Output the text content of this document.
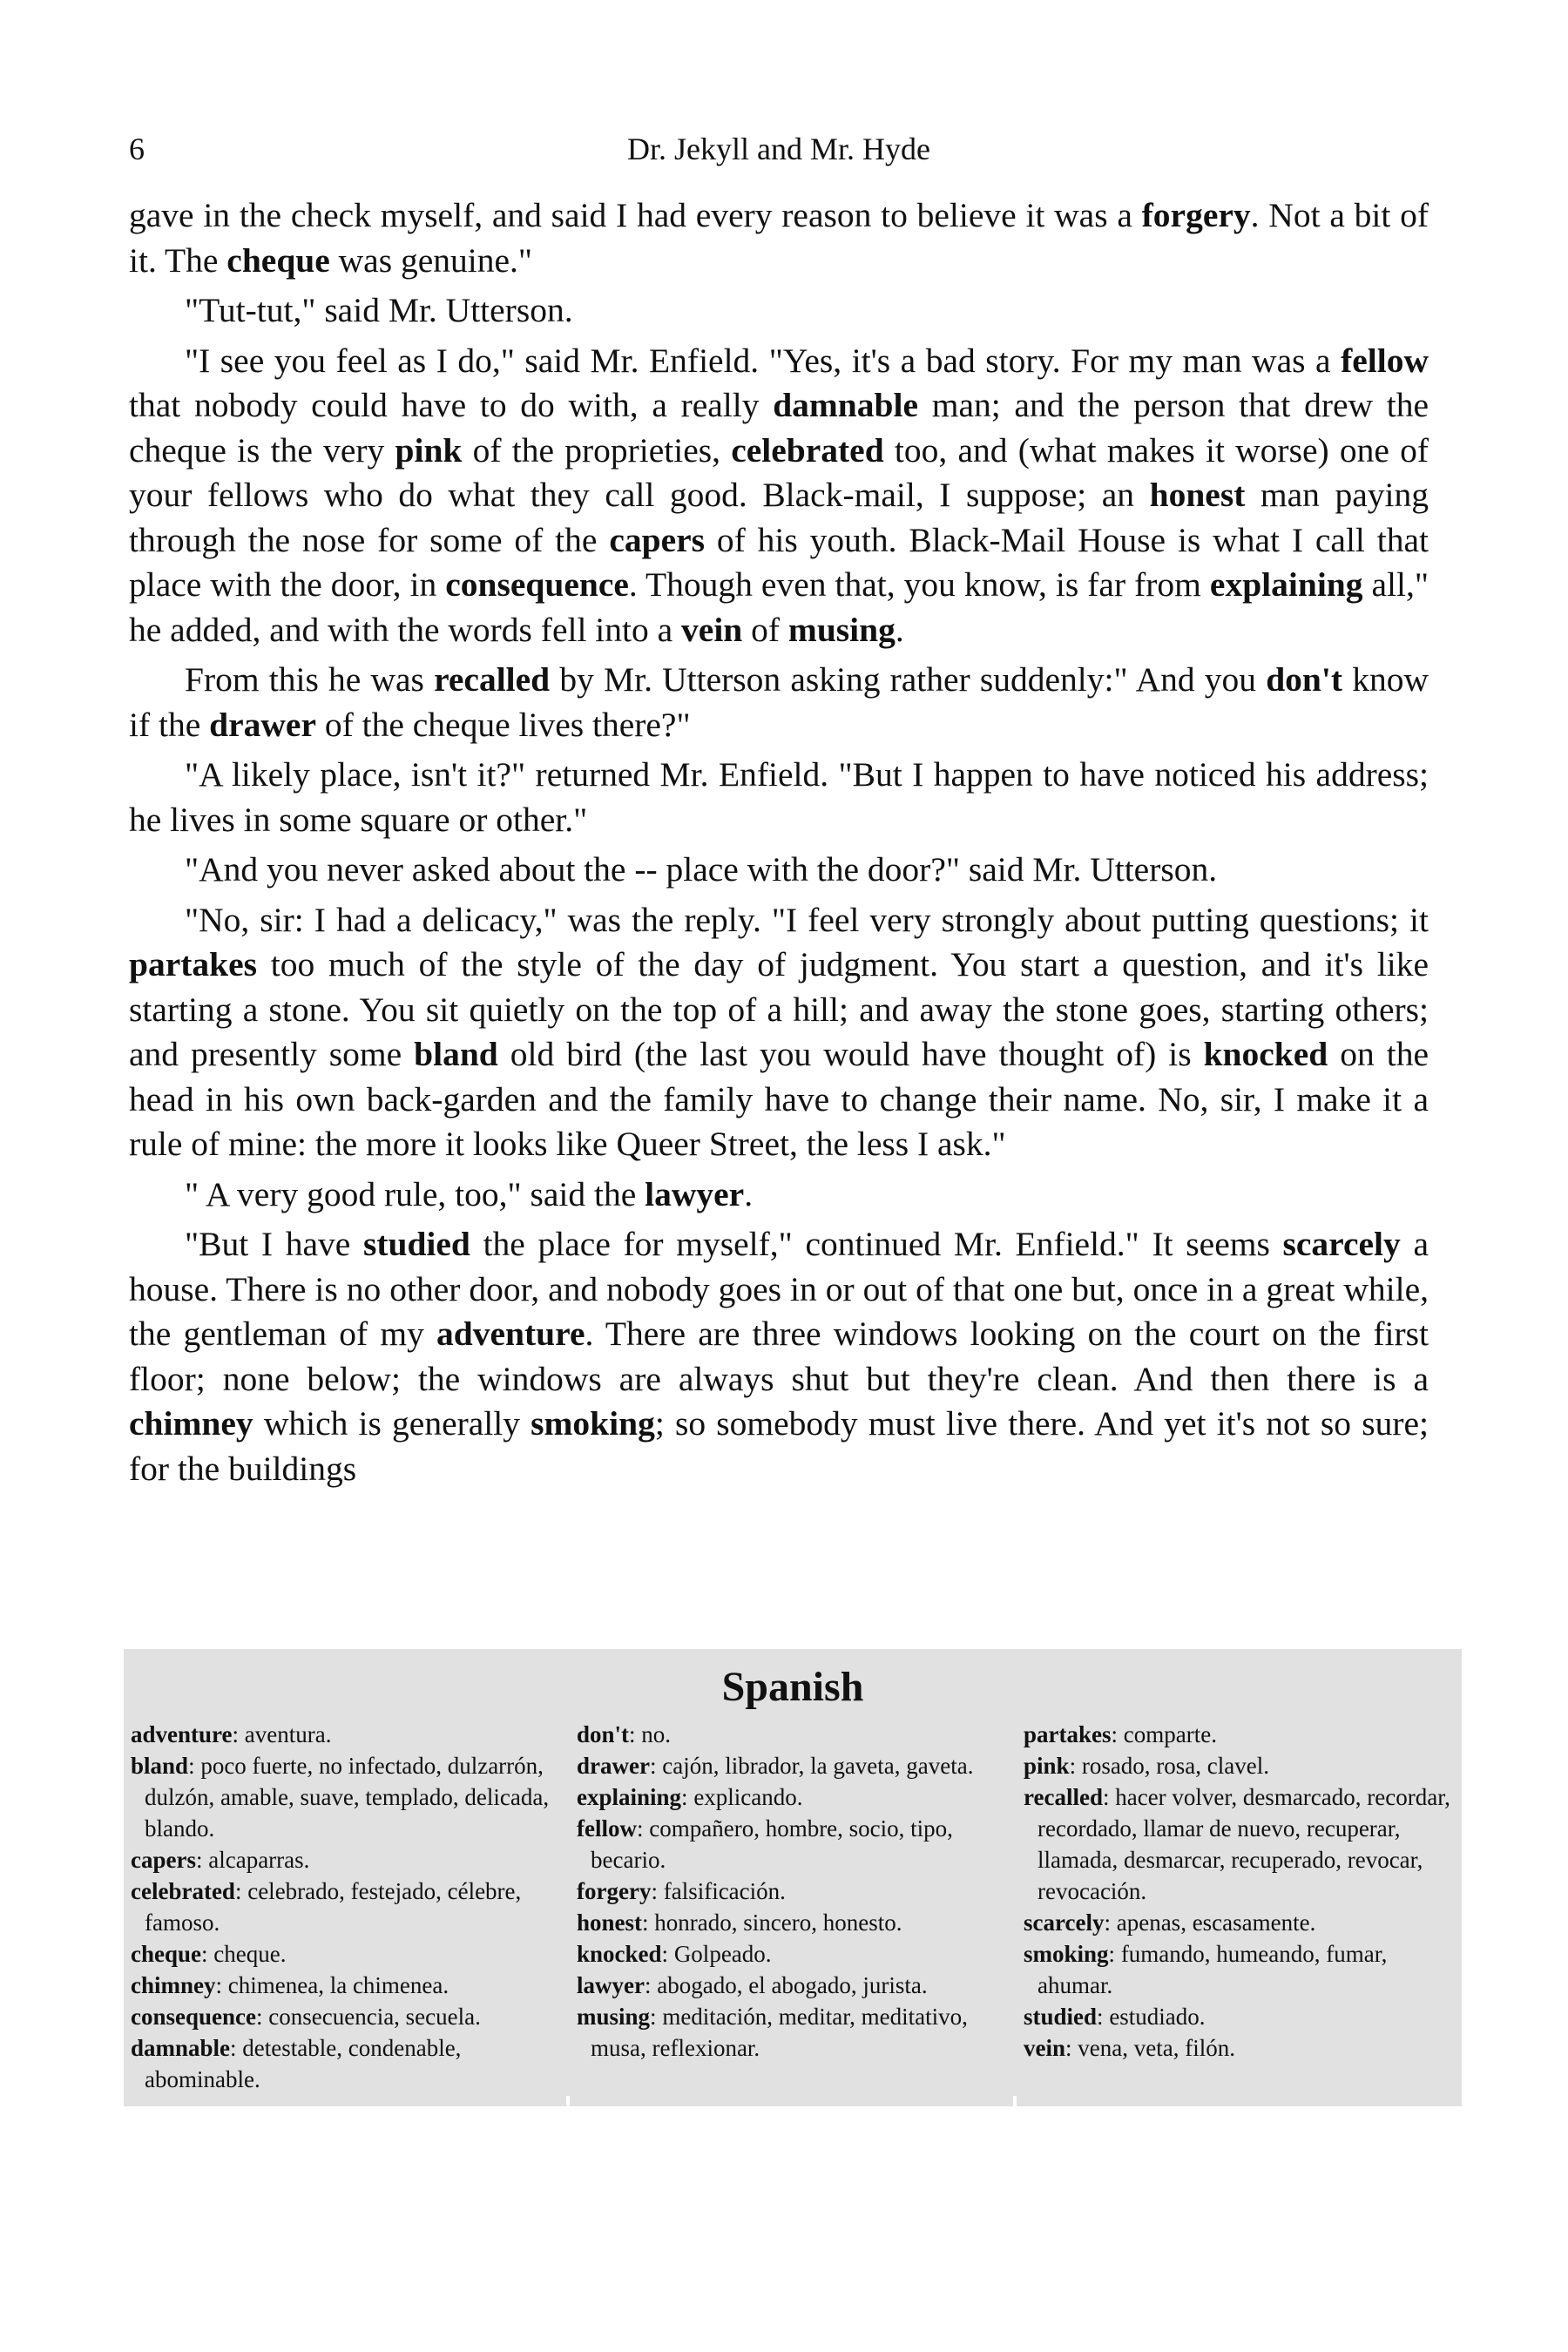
6	Dr. Jekyll and Mr. Hyde

gave in the check myself, and said I had every reason to believe it was a forgery. Not a bit of it. The cheque was genuine."

"Tut-tut," said Mr. Utterson.

"I see you feel as I do," said Mr. Enfield. "Yes, it's a bad story. For my man was a fellow that nobody could have to do with, a really damnable man; and the person that drew the cheque is the very pink of the proprieties, celebrated too, and (what makes it worse) one of your fellows who do what they call good. Black-mail, I suppose; an honest man paying through the nose for some of the capers of his youth. Black-Mail House is what I call that place with the door, in consequence. Though even that, you know, is far from explaining all," he added, and with the words fell into a vein of musing.

From this he was recalled by Mr. Utterson asking rather suddenly:" And you don't know if the drawer of the cheque lives there?"

"A likely place, isn't it?" returned Mr. Enfield. "But I happen to have noticed his address; he lives in some square or other."

"And you never asked about the -- place with the door?" said Mr. Utterson.

"No, sir: I had a delicacy," was the reply. "I feel very strongly about putting questions; it partakes too much of the style of the day of judgment. You start a question, and it's like starting a stone. You sit quietly on the top of a hill; and away the stone goes, starting others; and presently some bland old bird (the last you would have thought of) is knocked on the head in his own back-garden and the family have to change their name. No, sir, I make it a rule of mine: the more it looks like Queer Street, the less I ask."

" A very good rule, too," said the lawyer.

"But I have studied the place for myself," continued Mr. Enfield." It seems scarcely a house. There is no other door, and nobody goes in or out of that one but, once in a great while, the gentleman of my adventure. There are three windows looking on the court on the first floor; none below; the windows are always shut but they're clean. And then there is a chimney which is generally smoking; so somebody must live there. And yet it's not so sure; for the buildings

Spanish
adventure: aventura.
bland: poco fuerte, no infectado, dulzarrón, dulzón, amable, suave, templado, delicada, blando.
capers: alcaparras.
celebrated: celebrado, festejado, célebre, famoso.
cheque: cheque.
chimney: chimenea, la chimenea.
consequence: consecuencia, secuela.
damnable: detestable, condenable, abominable.
don't: no.
drawer: cajón, librador, la gaveta, gaveta.
explaining: explicando.
fellow: compañero, hombre, socio, tipo, becario.
forgery: falsificación.
honest: honrado, sincero, honesto.
knocked: Golpeado.
lawyer: abogado, el abogado, jurista.
musing: meditación, meditar, meditativo, musa, reflexionar.
partakes: comparte.
pink: rosado, rosa, clavel.
recalled: hacer volver, desmarcado, recordar, recordado, llamar de nuevo, recuperar, llamada, desmarcar, recuperado, revocar, revocación.
scarcely: apenas, escasamente.
smoking: fumando, humeando, fumar, ahumar.
studied: estudiado.
vein: vena, veta, filón.
